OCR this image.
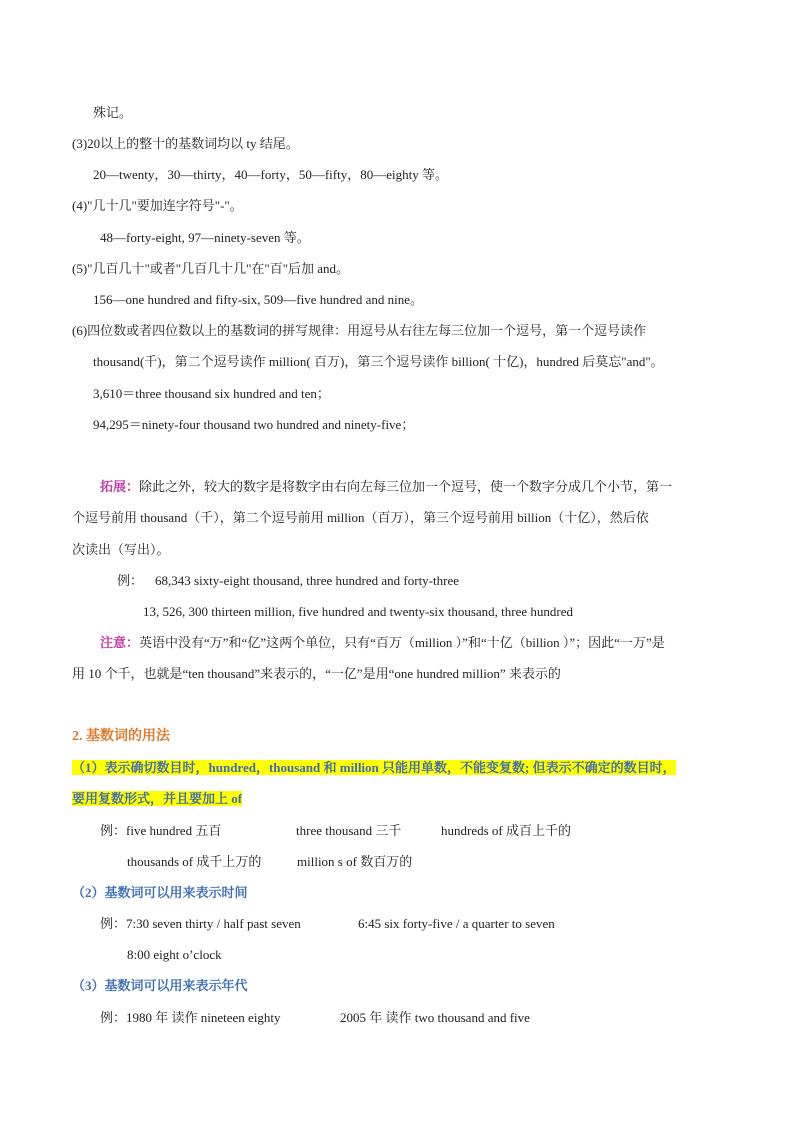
殊记。
(3)20以上的整十的基数词均以 ty 结尾。
20—twenty，30—thirty，40—forty，50—fifty，80—eighty 等。
(4)"几十几"要加连字符号"-"。
48—forty-eight, 97—ninety-seven 等。
(5)"几百几十"或者"几百几十几"在"百"后加 and。
156—one hundred and fifty-six, 509—five hundred and nine。
(6)四位数或者四位数以上的基数词的拼写规律：用逗号从右往左每三位加一个逗号，第一个逗号读作
thousand(千)，第二个逗号读作 million( 百万)，第三个逗号读作 billion( 十亿)，hundred 后莫忘"and"。
3,610＝three thousand six hundred and ten；
94,295＝ninety-four thousand two hundred and ninety-five；
拓展：除此之外，较大的数字是将数字由右向左每三位加一个逗号，使一个数字分成几个小节，第一
个逗号前用 thousand（千），第二个逗号前用 million（百万），第三个逗号前用 billion（十亿），然后依
次读出（写出）。
例： 68,343 sixty-eight thousand, three hundred and forty-three
13, 526, 300 thirteen million, five hundred and twenty-six thousand, three hundred
注意：英语中没有“万”和“亿”这两个单位，只有“百万（million ）”和“十亿（billion ）”；因此“一万”是
用 10 个千，也就是“ten thousand”来表示的，“一亿”是用“one hundred million” 来表示的
2. 基数词的用法
（1）表示确切数目时，hundred，thousand 和 million 只能用单数，不能变复数; 但表示不确定的数目时，
要用复数形式，并且要加上 of
例：five hundred 五百	three thousand 三千	hundreds of 成百上千的
thousands of 成千上万的	million s of 数百万的
（2）基数词可以用来表示时间
例：7:30 seven thirty / half past seven	6:45 six forty-five / a quarter to seven
8:00 eight o’clock
（3）基数词可以用来表示年代
例：1980 年 读作 nineteen eighty	2005 年 读作 two thousand and five
